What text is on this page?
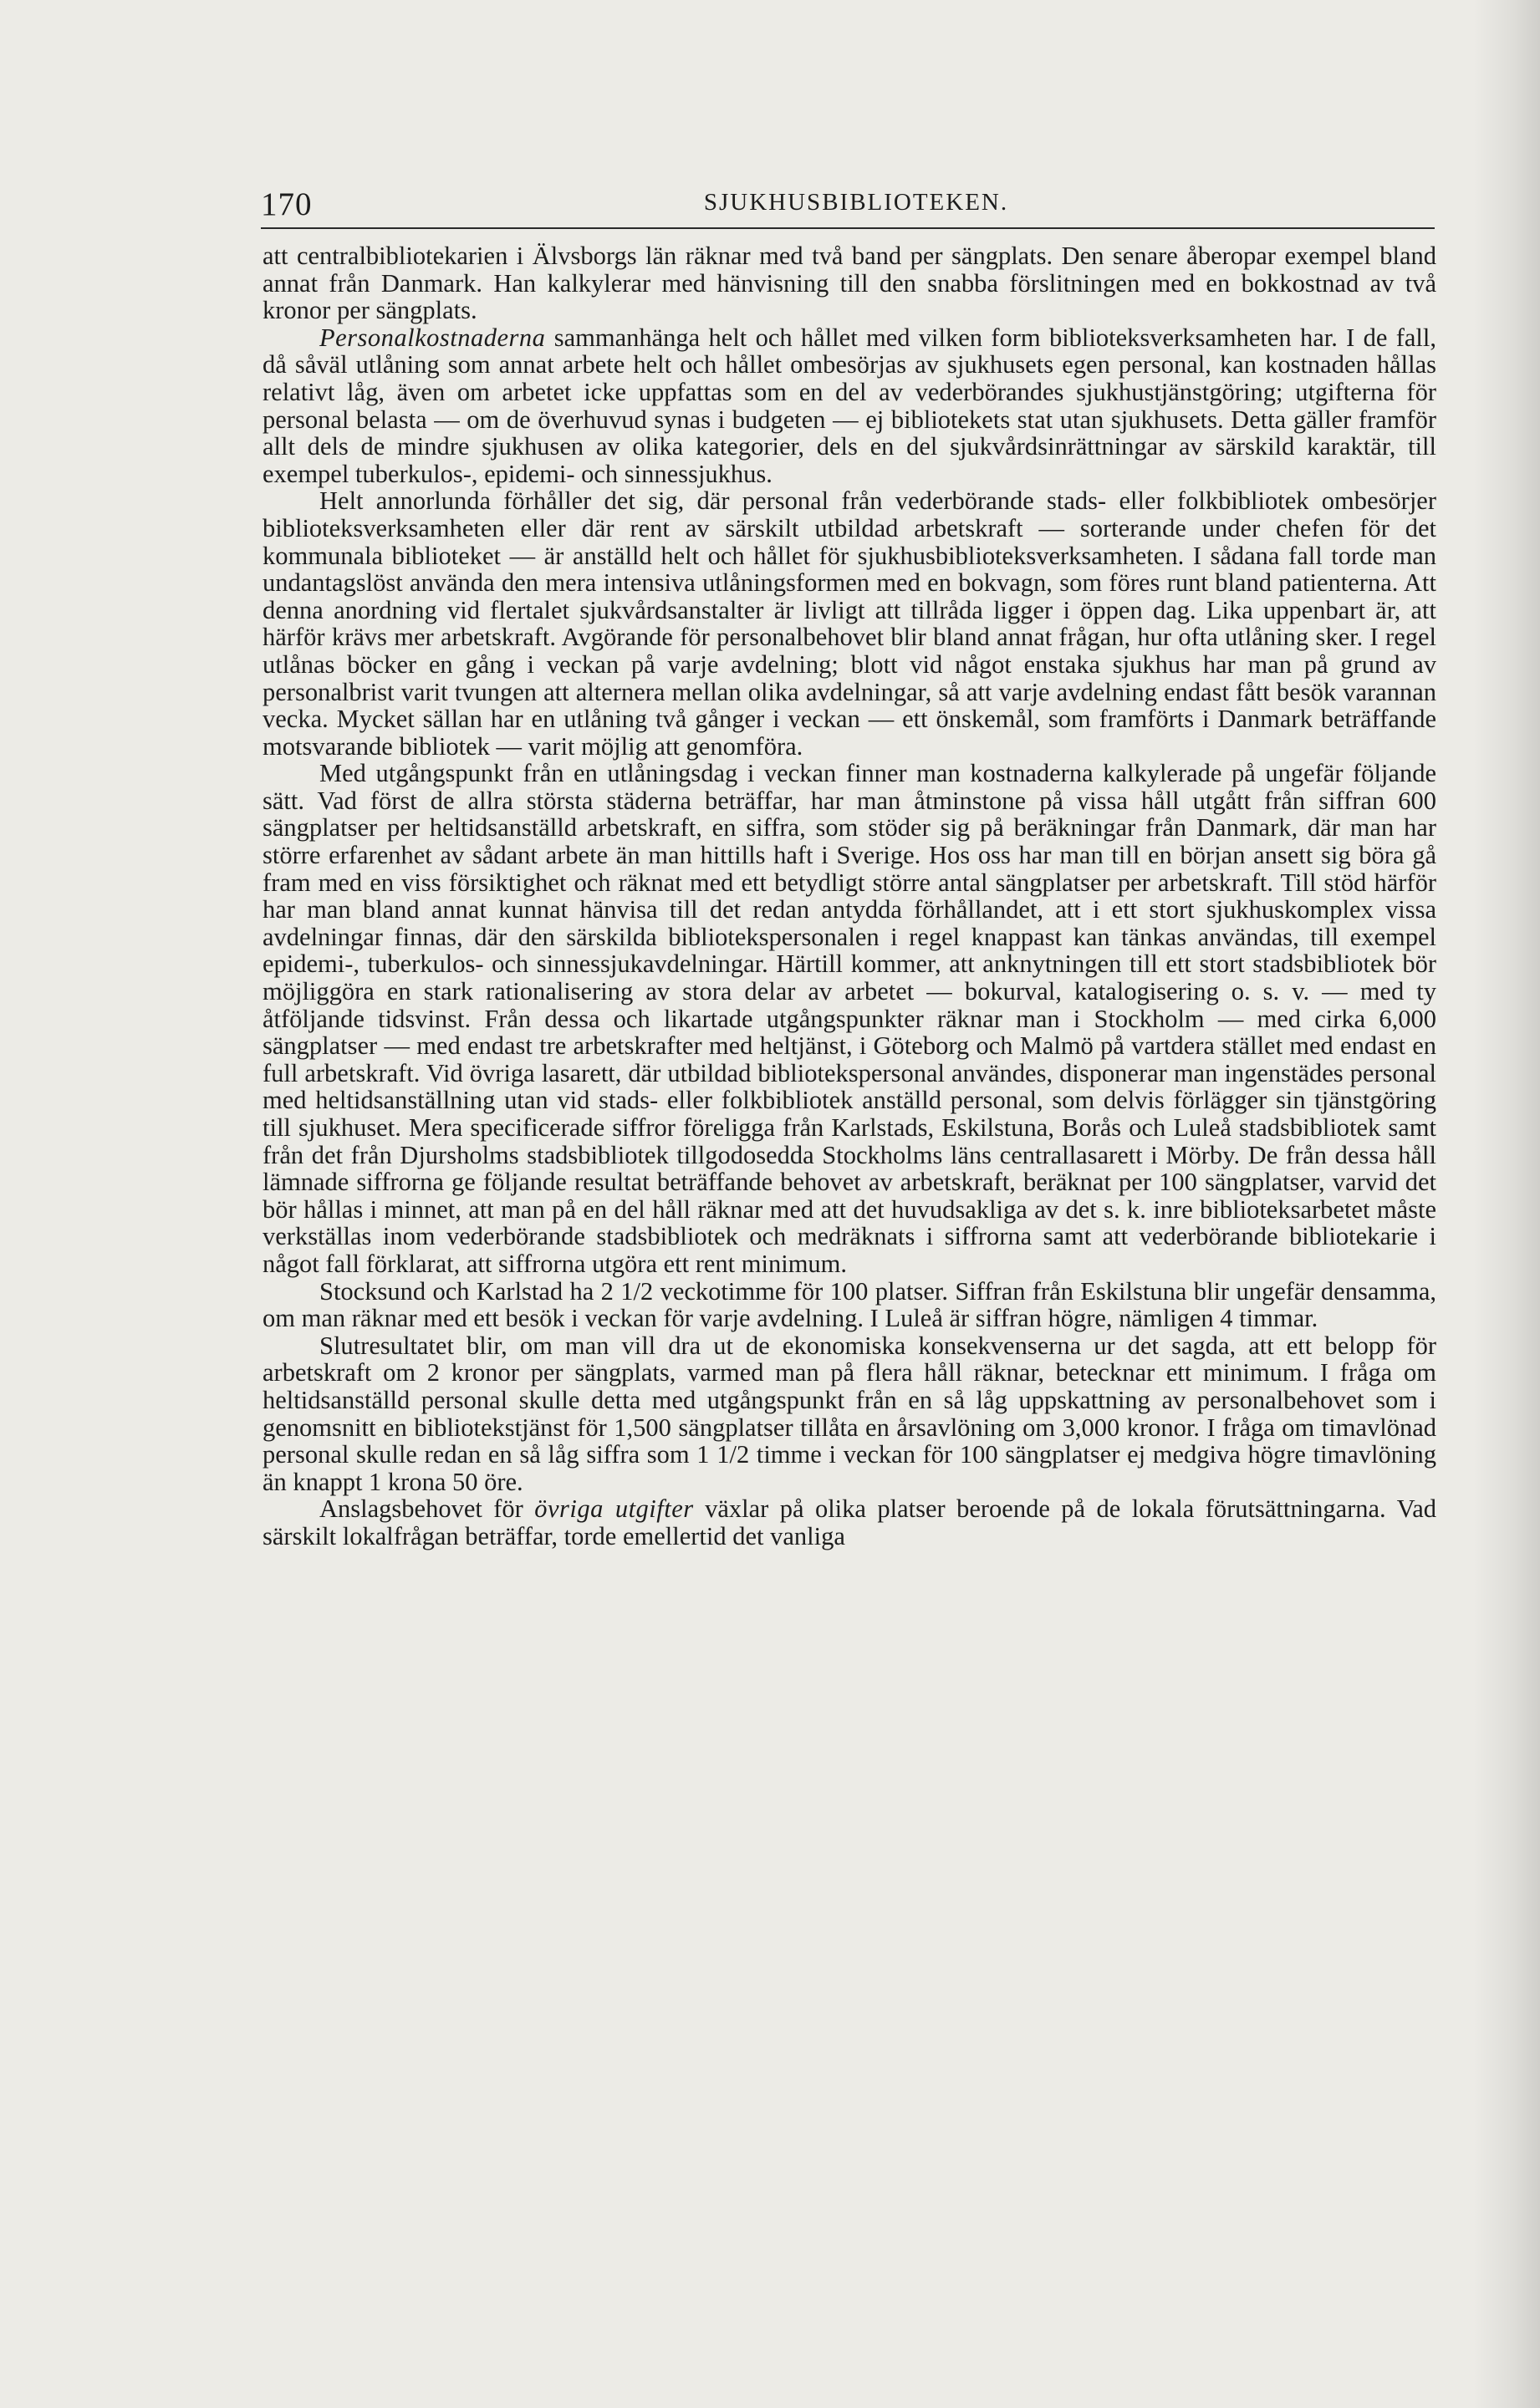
170	SJUKHUSBIBLIOTEKEN.

att centralbibliotekarien i Älvsborgs län räknar med två band per sängplats. Den senare åberopar exempel bland annat från Danmark. Han kalkylerar med hänvisning till den snabba förslitningen med en bokkostnad av två kronor per sängplats.

Personalkostnaderna sammanhänga helt och hållet med vilken form biblioteksverksamheten har. I de fall, då såväl utlåning som annat arbete helt och hållet ombesörjas av sjukhusets egen personal, kan kostnaden hållas relativt låg, även om arbetet icke uppfattas som en del av vederbörandes sjukhustjänstgöring; utgifterna för personal belasta — om de överhuvud synas i budgeten — ej bibliotekets stat utan sjukhusets. Detta gäller framför allt dels de mindre sjukhusen av olika kategorier, dels en del sjukvårdsinrättningar av särskild karaktär, till exempel tuberkulos-, epidemi- och sinnessjukhus.

Helt annorlunda förhåller det sig, där personal från vederbörande stads- eller folkbibliotek ombesörjer biblioteksverksamheten eller där rent av särskilt utbildad arbetskraft — sorterande under chefen för det kommunala biblioteket — är anställd helt och hållet för sjukhusbiblioteksverksamheten. I sådana fall torde man undantagslöst använda den mera intensiva utlåningsformen med en bokvagn, som föres runt bland patienterna. Att denna anordning vid flertalet sjukvårdsanstalter är livligt att tillråda ligger i öppen dag. Lika uppenbart är, att härför krävs mer arbetskraft. Avgörande för personalbehovet blir bland annat frågan, hur ofta utlåning sker. I regel utlånas böcker en gång i veckan på varje avdelning; blott vid något enstaka sjukhus har man på grund av personalbrist varit tvungen att alternera mellan olika avdelningar, så att varje avdelning endast fått besök varannan vecka. Mycket sällan har en utlåning två gånger i veckan — ett önskemål, som framförts i Danmark beträffande motsvarande bibliotek — varit möjlig att genomföra.

Med utgångspunkt från en utlåningsdag i veckan finner man kostnaderna kalkylerade på ungefär följande sätt. Vad först de allra största städerna beträffar, har man åtminstone på vissa håll utgått från siffran 600 sängplatser per heltidsanställd arbetskraft, en siffra, som stöder sig på beräkningar från Danmark, där man har större erfarenhet av sådant arbete än man hittills haft i Sverige. Hos oss har man till en början ansett sig böra gå fram med en viss försiktighet och räknat med ett betydligt större antal sängplatser per arbetskraft. Till stöd härför har man bland annat kunnat hänvisa till det redan antydda förhållandet, att i ett stort sjukhuskomplex vissa avdelningar finnas, där den särskilda bibliotekspersonalen i regel knappast kan tänkas användas, till exempel epidemi-, tuberkulos- och sinnessjukavdelningar. Härtill kommer, att anknytningen till ett stort stadsbibliotek bör möjliggöra en stark rationalisering av stora delar av arbetet — bokurval, katalogisering o. s. v. — med ty åtföljande tidsvinst. Från dessa och likartade utgångspunkter räknar man i Stockholm — med cirka 6,000 sängplatser — med endast tre arbetskrafter med heltjänst, i Göteborg och Malmö på vartdera stället med endast en full arbetskraft. Vid övriga lasarett, där utbildad bibliotekspersonal användes, disponerar man ingenstädes personal med heltidsanställning utan vid stads- eller folkbibliotek anställd personal, som delvis förlägger sin tjänstgöring till sjukhuset. Mera specificerade siffror föreligga från Karlstads, Eskilstuna, Borås och Luleå stadsbibliotek samt från det från Djursholms stadsbibliotek tillgodosedda Stockholms läns centrallasarett i Mörby. De från dessa håll lämnade siffrorna ge följande resultat beträffande behovet av arbetskraft, beräknat per 100 sängplatser, varvid det bör hållas i minnet, att man på en del håll räknar med att det huvudsakliga av det s. k. inre biblioteksarbetet måste verkställas inom vederbörande stadsbibliotek och medräknats i siffrorna samt att vederbörande bibliotekarie i något fall förklarat, att siffrorna utgöra ett rent minimum.

Stocksund och Karlstad ha 2 1/2 veckotimme för 100 platser. Siffran från Eskilstuna blir ungefär densamma, om man räknar med ett besök i veckan för varje avdelning. I Luleå är siffran högre, nämligen 4 timmar.

Slutresultatet blir, om man vill dra ut de ekonomiska konsekvenserna ur det sagda, att ett belopp för arbetskraft om 2 kronor per sängplats, varmed man på flera håll räknar, betecknar ett minimum. I fråga om heltidsanställd personal skulle detta med utgångspunkt från en så låg uppskattning av personalbehovet som i genomsnitt en bibliotekstjänst för 1,500 sängplatser tillåta en årsavlöning om 3,000 kronor. I fråga om timavlönad personal skulle redan en så låg siffra som 1 1/2 timme i veckan för 100 sängplatser ej medgiva högre timavlöning än knappt 1 krona 50 öre.

Anslagsbehovet för övriga utgifter växlar på olika platser beroende på de lokala förutsättningarna. Vad särskilt lokalfrågan beträffar, torde emellertid det vanliga
